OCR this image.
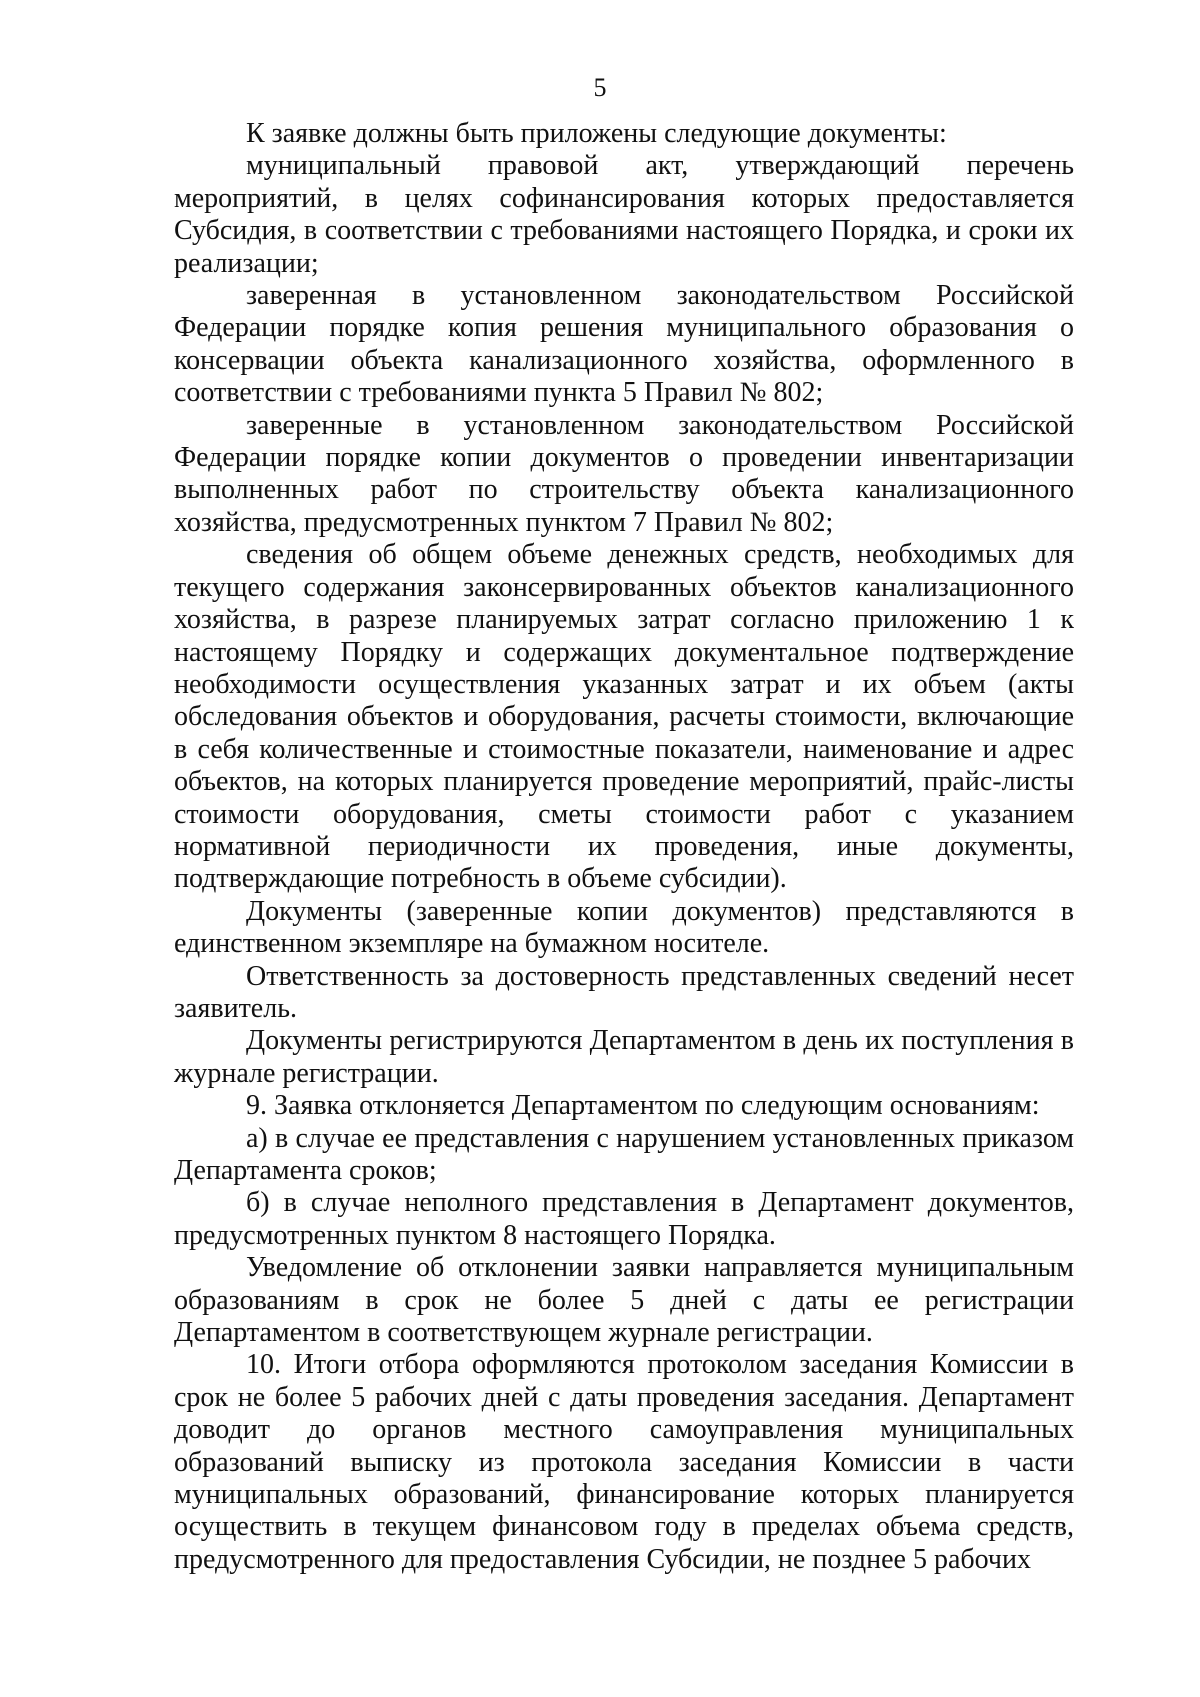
5

К заявке должны быть приложены следующие документы:

муниципальный правовой акт, утверждающий перечень мероприятий, в целях софинансирования которых предоставляется Субсидия, в соответствии с требованиями настоящего Порядка, и сроки их реализации;

заверенная в установленном законодательством Российской Федерации порядке копия решения муниципального образования о консервации объекта канализационного хозяйства, оформленного в соответствии с требованиями пункта 5 Правил № 802;

заверенные в установленном законодательством Российской Федерации порядке копии документов о проведении инвентаризации выполненных работ по строительству объекта канализационного хозяйства, предусмотренных пунктом 7 Правил № 802;

сведения об общем объеме денежных средств, необходимых для текущего содержания законсервированных объектов канализационного хозяйства, в разрезе планируемых затрат согласно приложению 1 к настоящему Порядку и содержащих документальное подтверждение необходимости осуществления указанных затрат и их объем (акты обследования объектов и оборудования, расчеты стоимости, включающие в себя количественные и стоимостные показатели, наименование и адрес объектов, на которых планируется проведение мероприятий, прайс-листы стоимости оборудования, сметы стоимости работ с указанием нормативной периодичности их проведения, иные документы, подтверждающие потребность в объеме субсидии).

Документы (заверенные копии документов) представляются в единственном экземпляре на бумажном носителе.

Ответственность за достоверность представленных сведений несет заявитель.

Документы регистрируются Департаментом в день их поступления в журнале регистрации.

9. Заявка отклоняется Департаментом по следующим основаниям:

а) в случае ее представления с нарушением установленных приказом Департамента сроков;

б) в случае неполного представления в Департамент документов, предусмотренных пунктом 8 настоящего Порядка.

Уведомление об отклонении заявки направляется муниципальным образованиям в срок не более 5 дней с даты ее регистрации Департаментом в соответствующем журнале регистрации.

10. Итоги отбора оформляются протоколом заседания Комиссии в срок не более 5 рабочих дней с даты проведения заседания. Департамент доводит до органов местного самоуправления муниципальных образований выписку из протокола заседания Комиссии в части муниципальных образований, финансирование которых планируется осуществить в текущем финансовом году в пределах объема средств, предусмотренного для предоставления Субсидии, не позднее 5 рабочих
